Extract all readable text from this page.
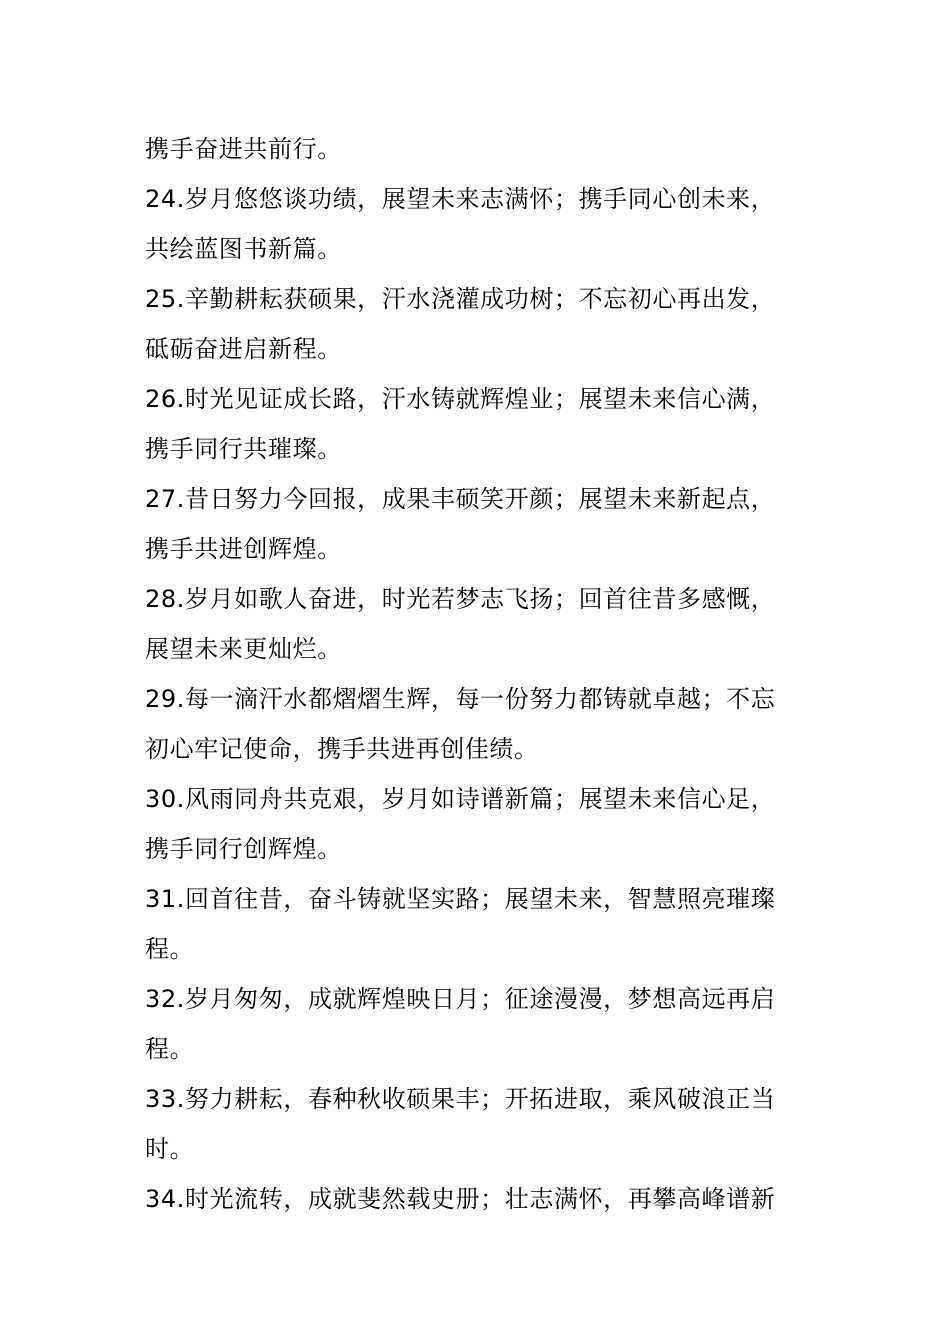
携手奋进共前行。
24.岁月悠悠谈功绩，展望未来志满怀；携手同心创未来，
共绘蓝图书新篇。
25.辛勤耕耘获硕果，汗水浇灌成功树；不忘初心再出发，
砥砺奋进启新程。
26.时光见证成长路，汗水铸就辉煌业；展望未来信心满，
携手同行共璀璨。
27.昔日努力今回报，成果丰硕笑开颜；展望未来新起点，
携手共进创辉煌。
28.岁月如歌人奋进，时光若梦志飞扬；回首往昔多感慨，
展望未来更灿烂。
29.每一滴汗水都熠熠生辉，每一份努力都铸就卓越；不忘
初心牢记使命，携手共进再创佳绩。
30.风雨同舟共克艰，岁月如诗谱新篇；展望未来信心足，
携手同行创辉煌。
31.回首往昔，奋斗铸就坚实路；展望未来，智慧照亮璀璨
程。
32.岁月匆匆，成就辉煌映日月；征途漫漫，梦想高远再启
程。
33.努力耕耘，春种秋收硕果丰；开拓进取，乘风破浪正当
时。
34.时光流转，成就斐然载史册；壮志满怀，再攀高峰谱新
